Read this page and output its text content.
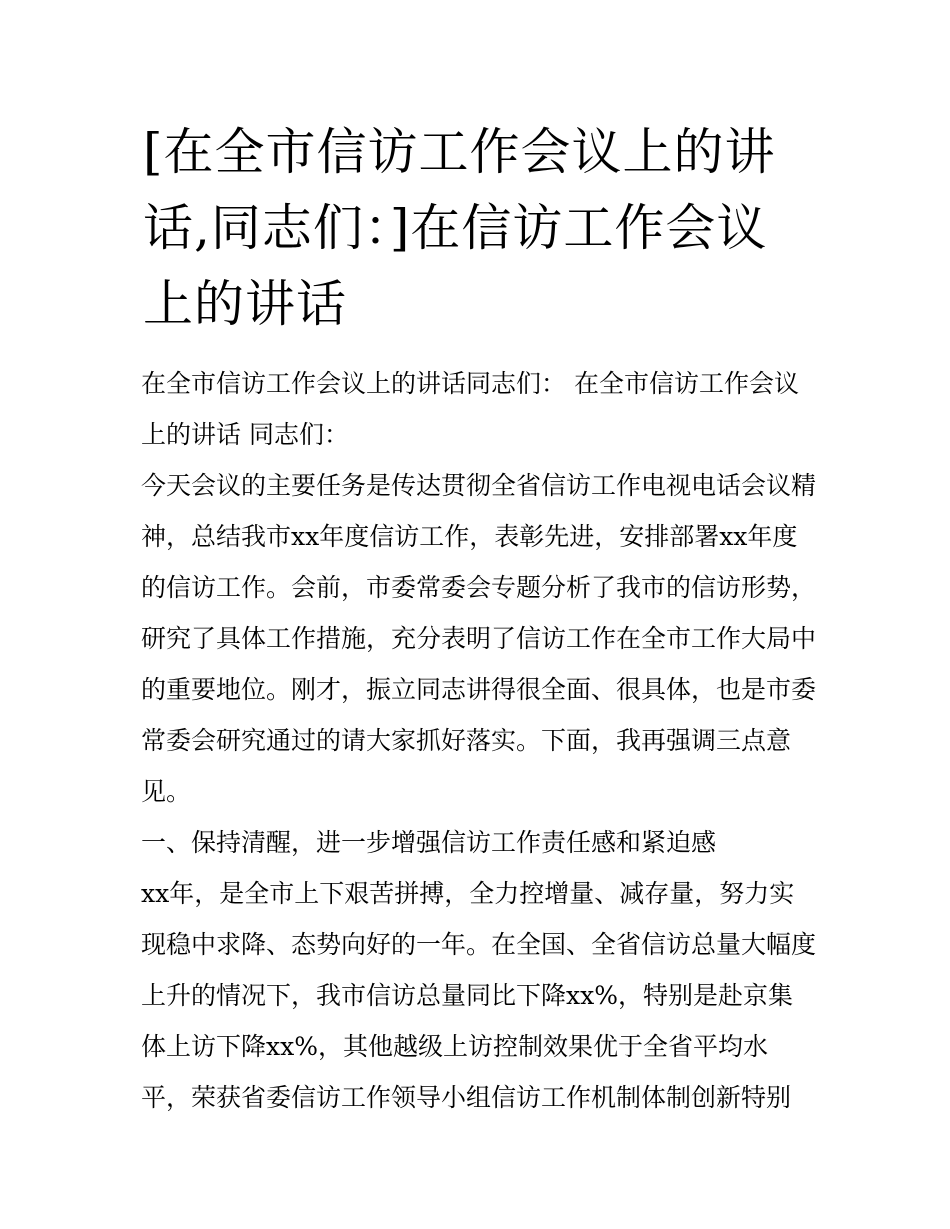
[在全市信访工作会议上的讲
话,同志们：]在信访工作会议
上的讲话
在全市信访工作会议上的讲话同志们： 在全市信访工作会议
上的讲话 同志们：
今天会议的主要任务是传达贯彻全省信访工作电视电话会议精
神，总结我市xx年度信访工作，表彰先进，安排部署xx年度
的信访工作。会前，市委常委会专题分析了我市的信访形势，
研究了具体工作措施，充分表明了信访工作在全市工作大局中
的重要地位。刚才，振立同志讲得很全面、很具体，也是市委
常委会研究通过的请大家抓好落实。下面，我再强调三点意
见。
一、保持清醒，进一步增强信访工作责任感和紧迫感
xx年，是全市上下艰苦拼搏，全力控增量、减存量，努力实
现稳中求降、态势向好的一年。在全国、全省信访总量大幅度
上升的情况下，我市信访总量同比下降xx%，特别是赴京集
体上访下降xx%，其他越级上访控制效果优于全省平均水
平，荣获省委信访工作领导小组信访工作机制体制创新特别
